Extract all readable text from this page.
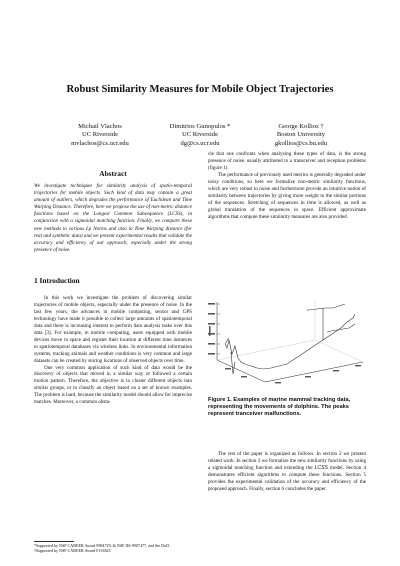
Robust Similarity Measures for Mobile Object Trajectories
Michail Vlachos
UC Riverside
mvlachos@cs.ucr.edu
Dimitrios Gunopulos *
UC Riverside
dg@cs.ucr.edu
George Kollios †
Boston University
gkollios@cs.bu.edu
Abstract
We investigate techniques for similarity analysis of spatio-temporal trajectories for mobile objects. Such kind of data may contain a great amount of outliers, which degrades the performance of Euclidean and Time Warping Distance. Therefore, here we propose the use of non-metric distance functions based on the Longest Common Subsequence (LCSS), in conjunction with a sigmoidal matching function. Finally, we compare these new methods to various Lp Norms and also to Time Warping distance (for real and synthetic data) and we present experimental results that validate the accuracy and efficiency of our approach, especially under the strong presence of noise.
1 Introduction

In this work we investigate the problem of discovering similar trajectories of mobile objects, especially under the presence of noise. In the last few years, the advances in mobile computing, sensor and GPS technology have made it possible to collect large amounts of spatiotemporal data and there is increasing interest to perform data analysis tasks over this data [3]. For example, in mobile computing, users equipped with mobile devices move in space and register their location at different time instances to spatiotemporal databases via wireless links. In environmental information systems, tracking animals and weather conditions is very common and large datasets can be created by storing locations of observed objects over time.

One very common application of such kind of data would be the discovery of objects that moved in a similar way or followed a certain motion pattern. Therefore, the objective is to cluster different objects into similar groups, or to classify an object based on a set of known examples. The problem is hard, because the similarity model should allow for imprecise matches. Moreover, a common obsta-

*Supported by NSF CAREER Award 9984729, & NSF IIS-9907477, and the DoD.
†Supported by NSF CAREER Award 0133825

cle that one confronts when analyzing these types of data, is the strong presence of noise, usually attributed to a transceiver and reception problems (figure 1).

The performance of previously used metrics is generally degraded under noisy conditions, so here we formalize non-metric similarity functions, which are very robust to noise and furthermore provide an intuitive notion of similarity between trajectories by giving more weight to the similar portions of the sequences. Stretching of sequences in time is allowed, as well as global translation of the sequences in space. Efficient approximate algorithms that compute these similarity measures are also provided.

Figure 1. Examples of marine mammal tracking data, representing the movements of dolphins. The peaks represent tranceiver malfunctions.

The rest of the paper is organized as follows. In section 2 we present related work. In section 3 we formalize the new similarity functions by using a sigmoidal matching function and extending the LCSS model. Section 4 demonstrates efficient algorithms to compute these functions. Section 5 provides the experimental validation of the accuracy and efficiency of the proposed approach. Finally, section 6 concludes the paper.
